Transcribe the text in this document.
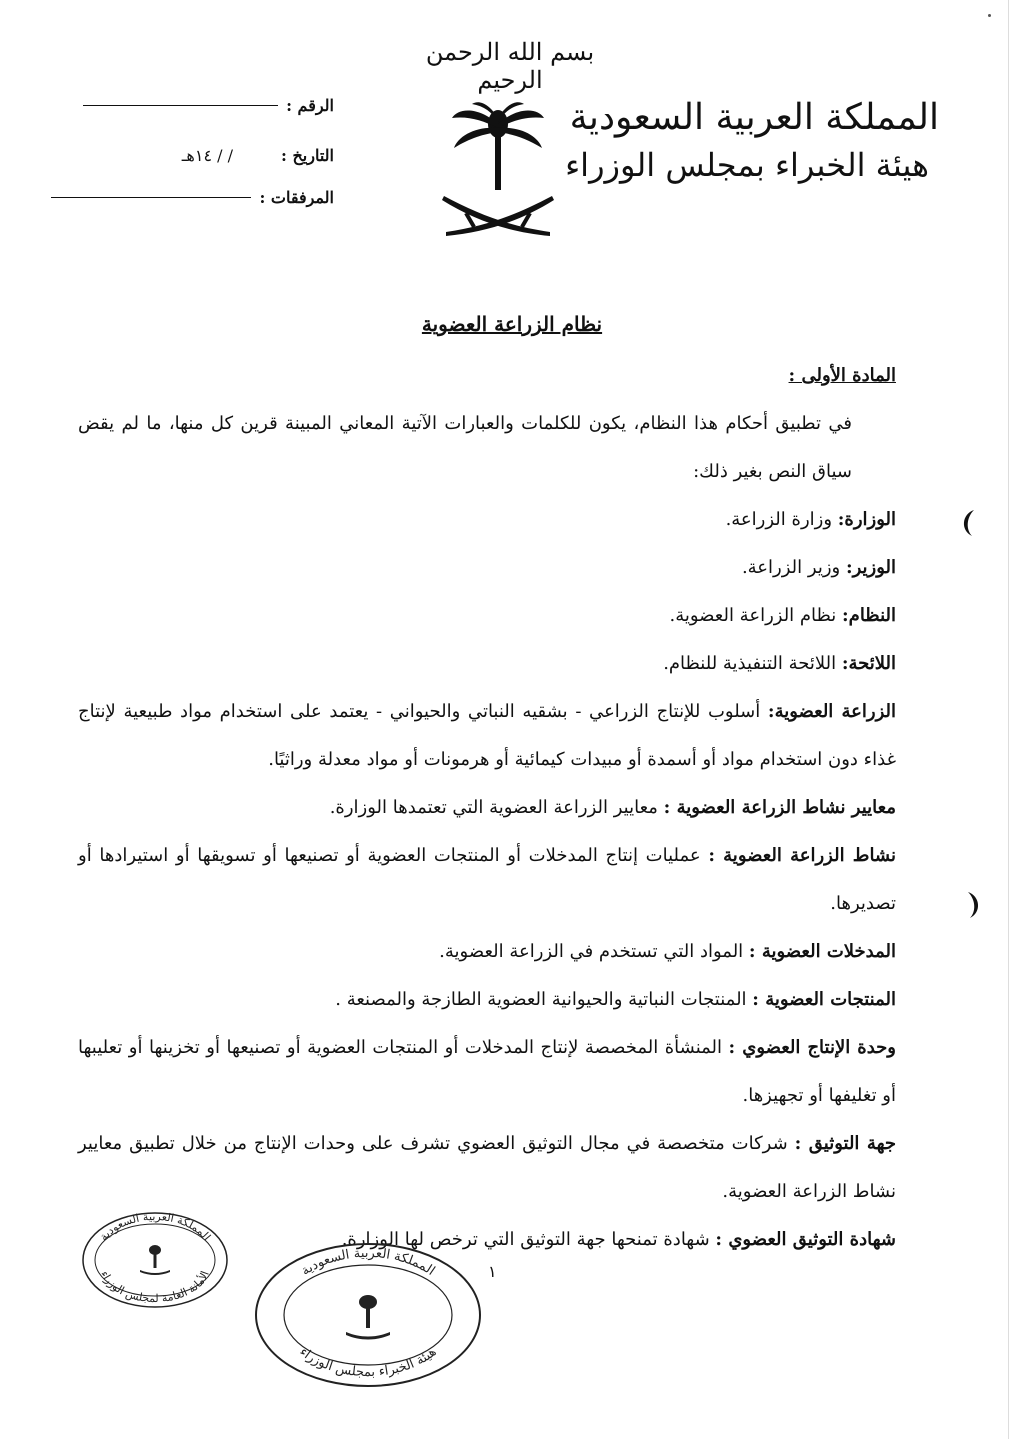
بسم الله الرحمن الرحيم
المملكة العربية السعودية
هيئة الخبراء بمجلس الوزراء
الرقم :
التاريخ :
/ / ١٤هـ
المرفقات :
نظام الزراعة العضوية

المادة الأولى :

في تطبيق أحكام هذا النظام، يكون للكلمات والعبارات الآتية المعاني المبينة قرين كل منها، ما لم يقض سياق النص بغير ذلك:

الوزارة: وزارة الزراعة.

الوزير: وزير الزراعة.

النظام: نظام الزراعة العضوية.

اللائحة: اللائحة التنفيذية للنظام.

الزراعة العضوية: أسلوب للإنتاج الزراعي - بشقيه النباتي والحيواني - يعتمد على استخدام مواد طبيعية لإنتاج غذاء دون استخدام مواد أو أسمدة أو مبيدات كيمائية أو هرمونات أو مواد معدلة وراثيًا.

معايير نشاط الزراعة العضوية : معايير الزراعة العضوية التي تعتمدها الوزارة.

نشاط الزراعة العضوية : عمليات إنتاج المدخلات أو المنتجات العضوية أو تصنيعها أو تسويقها أو استيرادها أو تصديرها.

المدخلات العضوية : المواد التي تستخدم في الزراعة العضوية.

المنتجات العضوية : المنتجات النباتية والحيوانية العضوية الطازجة والمصنعة .

وحدة الإنتاج العضوي : المنشأة المخصصة لإنتاج المدخلات أو المنتجات العضوية أو تصنيعها أو تخزينها أو تعليبها أو تغليفها أو تجهيزها.

جهة التوثيق : شركات متخصصة في مجال التوثيق العضوي تشرف على وحدات الإنتاج من خلال تطبيق معايير نشاط الزراعة العضوية.

شهادة التوثيق العضوي : شهادة تمنحها جهة التوثيق التي ترخص لها الوزارة.

المملكة العربية السعودية
الأمانة العامة لمجلس الوزراء	المملكة العربية السعودية
هيئة الخبراء بمجلس الوزراء
١
